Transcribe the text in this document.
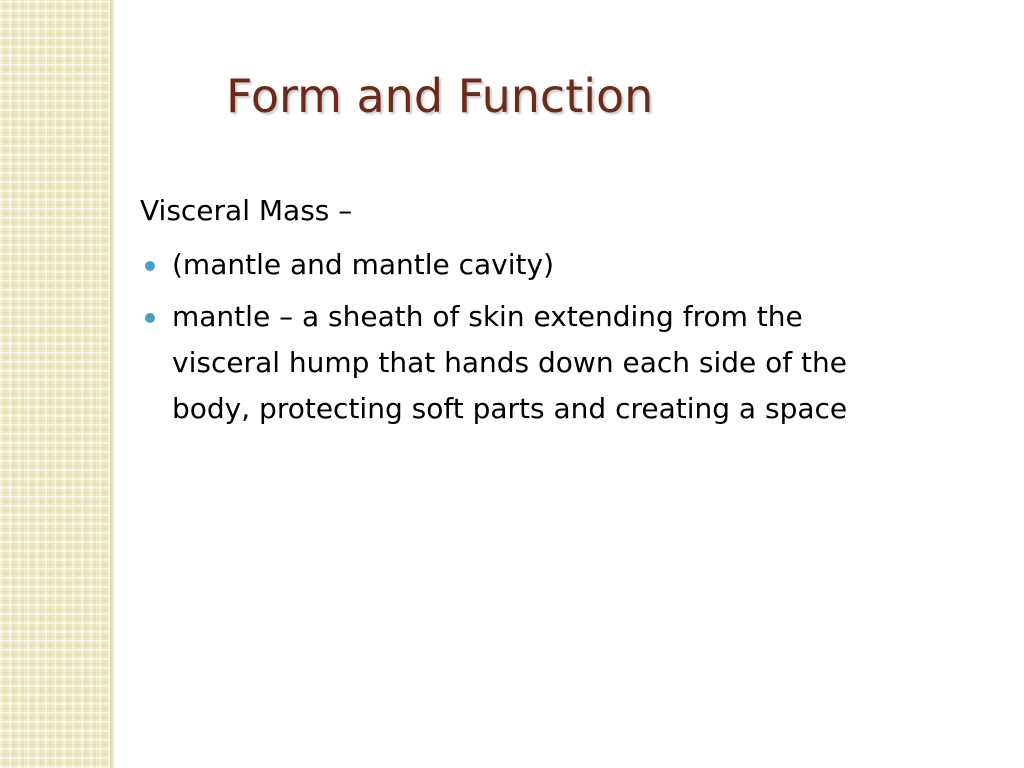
Form and Function

Visceral Mass –

(mantle and mantle cavity)
mantle – a sheath of skin extending from the visceral hump that hands down each side of the body, protecting soft parts and creating a space
